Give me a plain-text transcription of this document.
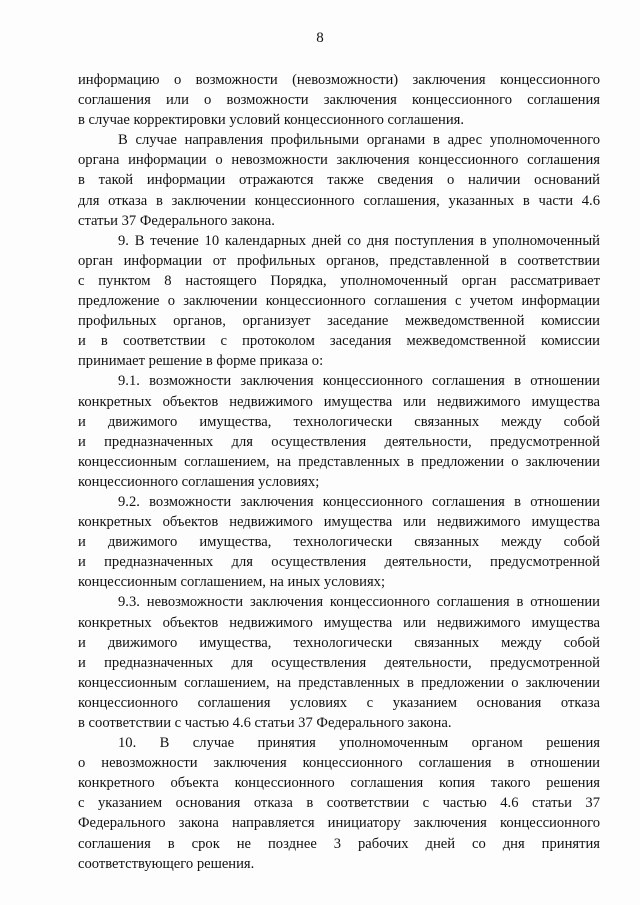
8
информацию о возможности (невозможности) заключения концессионного
соглашения или о возможности заключения концессионного соглашения
в случае корректировки условий концессионного соглашения.
В случае направления профильными органами в адрес уполномоченного
органа информации о невозможности заключения концессионного соглашения
в такой информации отражаются также сведения о наличии оснований
для отказа в заключении концессионного соглашения, указанных в части 4.6
статьи 37 Федерального закона.
9. В течение 10 календарных дней со дня поступления в уполномоченный
орган информации от профильных органов, представленной в соответствии
с пунктом 8 настоящего Порядка, уполномоченный орган рассматривает
предложение о заключении концессионного соглашения с учетом информации
профильных органов, организует заседание межведомственной комиссии
и в соответствии с протоколом заседания межведомственной комиссии
принимает решение в форме приказа о:
9.1. возможности заключения концессионного соглашения в отношении
конкретных объектов недвижимого имущества или недвижимого имущества
и движимого имущества, технологически связанных между собой
и предназначенных для осуществления деятельности, предусмотренной
концессионным соглашением, на представленных в предложении о заключении
концессионного соглашения условиях;
9.2. возможности заключения концессионного соглашения в отношении
конкретных объектов недвижимого имущества или недвижимого имущества
и движимого имущества, технологически связанных между собой
и предназначенных для осуществления деятельности, предусмотренной
концессионным соглашением, на иных условиях;
9.3. невозможности заключения концессионного соглашения в отношении
конкретных объектов недвижимого имущества или недвижимого имущества
и движимого имущества, технологически связанных между собой
и предназначенных для осуществления деятельности, предусмотренной
концессионным соглашением, на представленных в предложении о заключении
концессионного соглашения условиях с указанием основания отказа
в соответствии с частью 4.6 статьи 37 Федерального закона.
10. В случае принятия уполномоченным органом решения
о невозможности заключения концессионного соглашения в отношении
конкретного объекта концессионного соглашения копия такого решения
с указанием основания отказа в соответствии с частью 4.6 статьи 37
Федерального закона направляется инициатору заключения концессионного
соглашения в срок не позднее 3 рабочих дней со дня принятия
соответствующего решения.
